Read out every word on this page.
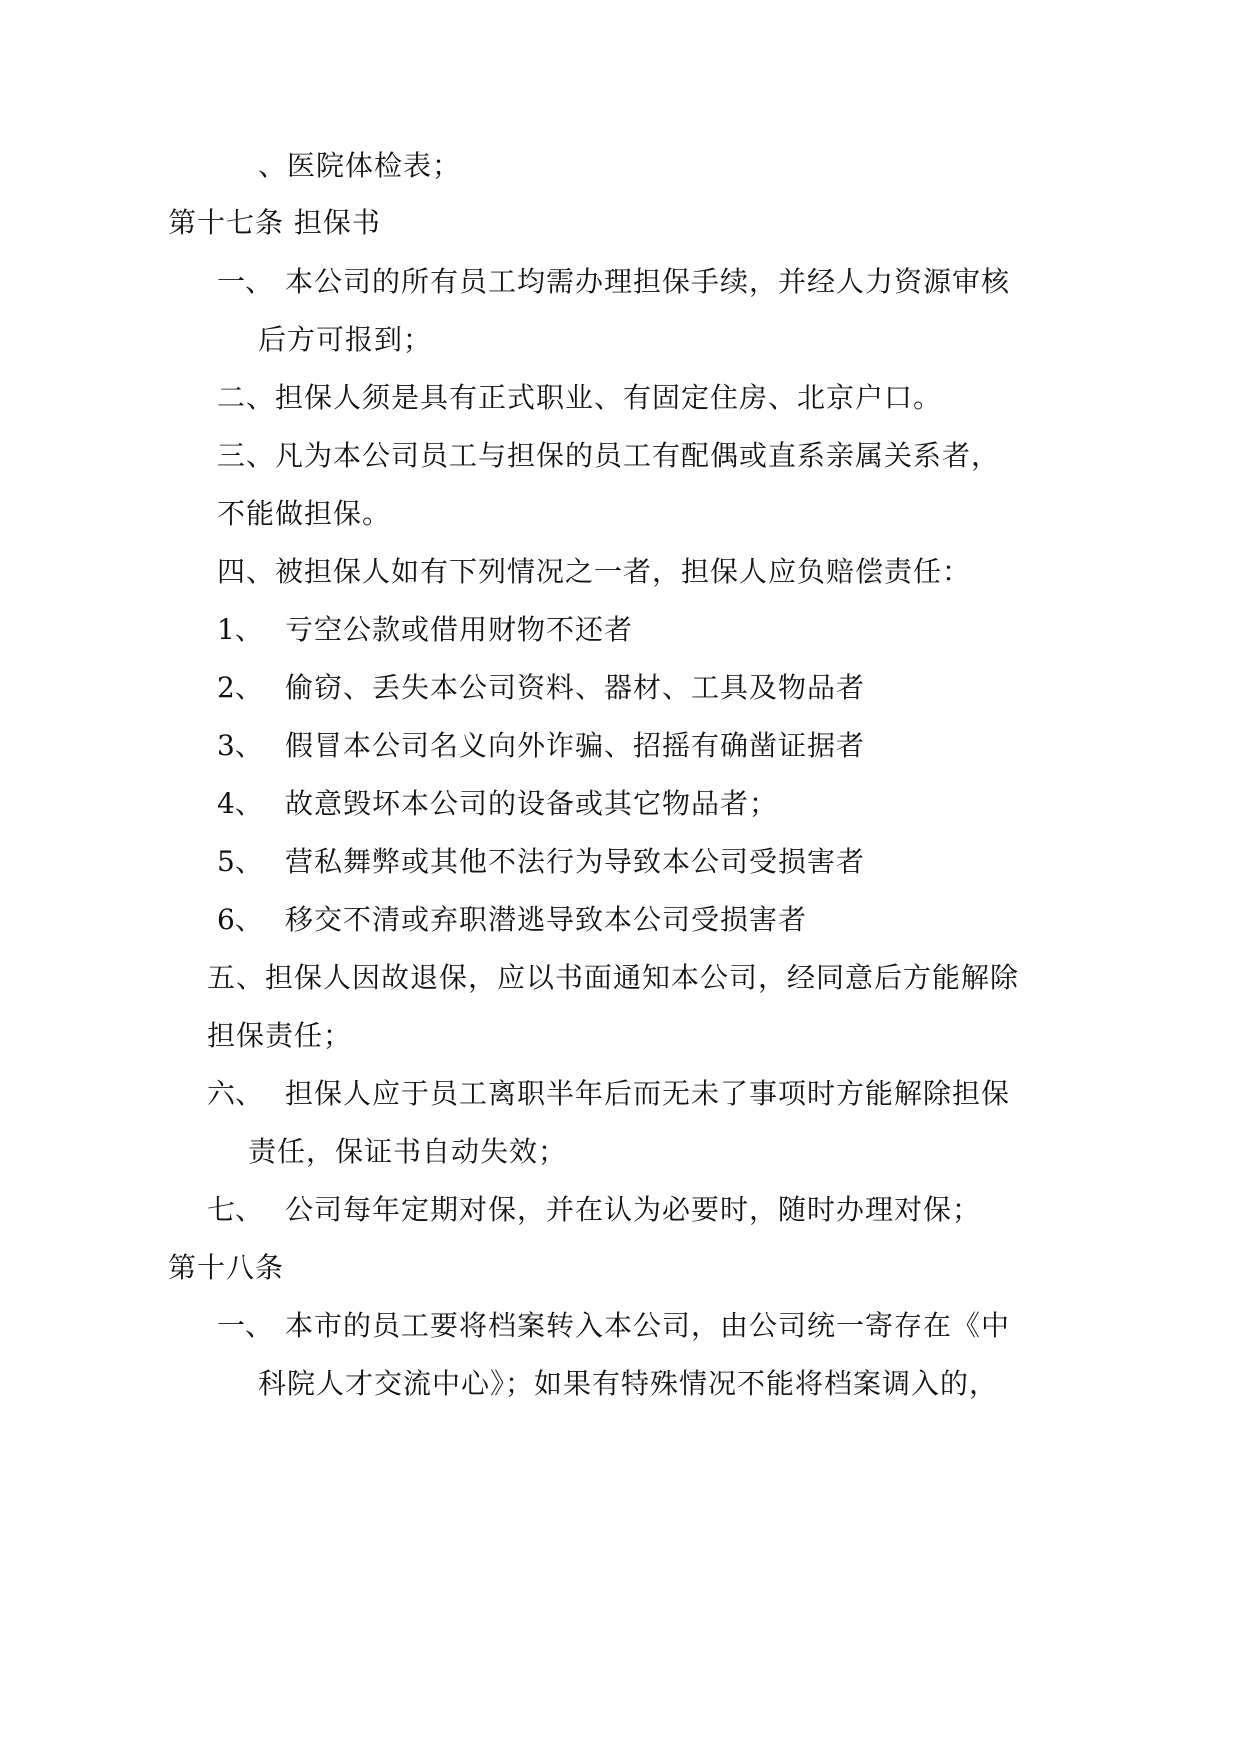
、医院体检表；
第十七条 担保书
一、 本公司的所有员工均需办理担保手续，并经人力资源审核
后方可报到；
二、担保人须是具有正式职业、有固定住房、北京户口。
三、凡为本公司员工与担保的员工有配偶或直系亲属关系者，
不能做担保。
四、被担保人如有下列情况之一者，担保人应负赔偿责任：
1、 亏空公款或借用财物不还者
2、 偷窃、丢失本公司资料、器材、工具及物品者
3、 假冒本公司名义向外诈骗、招摇有确凿证据者
4、 故意毁坏本公司的设备或其它物品者；
5、 营私舞弊或其他不法行为导致本公司受损害者
6、 移交不清或弃职潜逃导致本公司受损害者
五、担保人因故退保，应以书面通知本公司，经同意后方能解除
担保责任；
六、 担保人应于员工离职半年后而无未了事项时方能解除担保
责任，保证书自动失效；
七、 公司每年定期对保，并在认为必要时，随时办理对保；
第十八条
一、 本市的员工要将档案转入本公司，由公司统一寄存在《中
科院人才交流中心》；如果有特殊情况不能将档案调入的，
